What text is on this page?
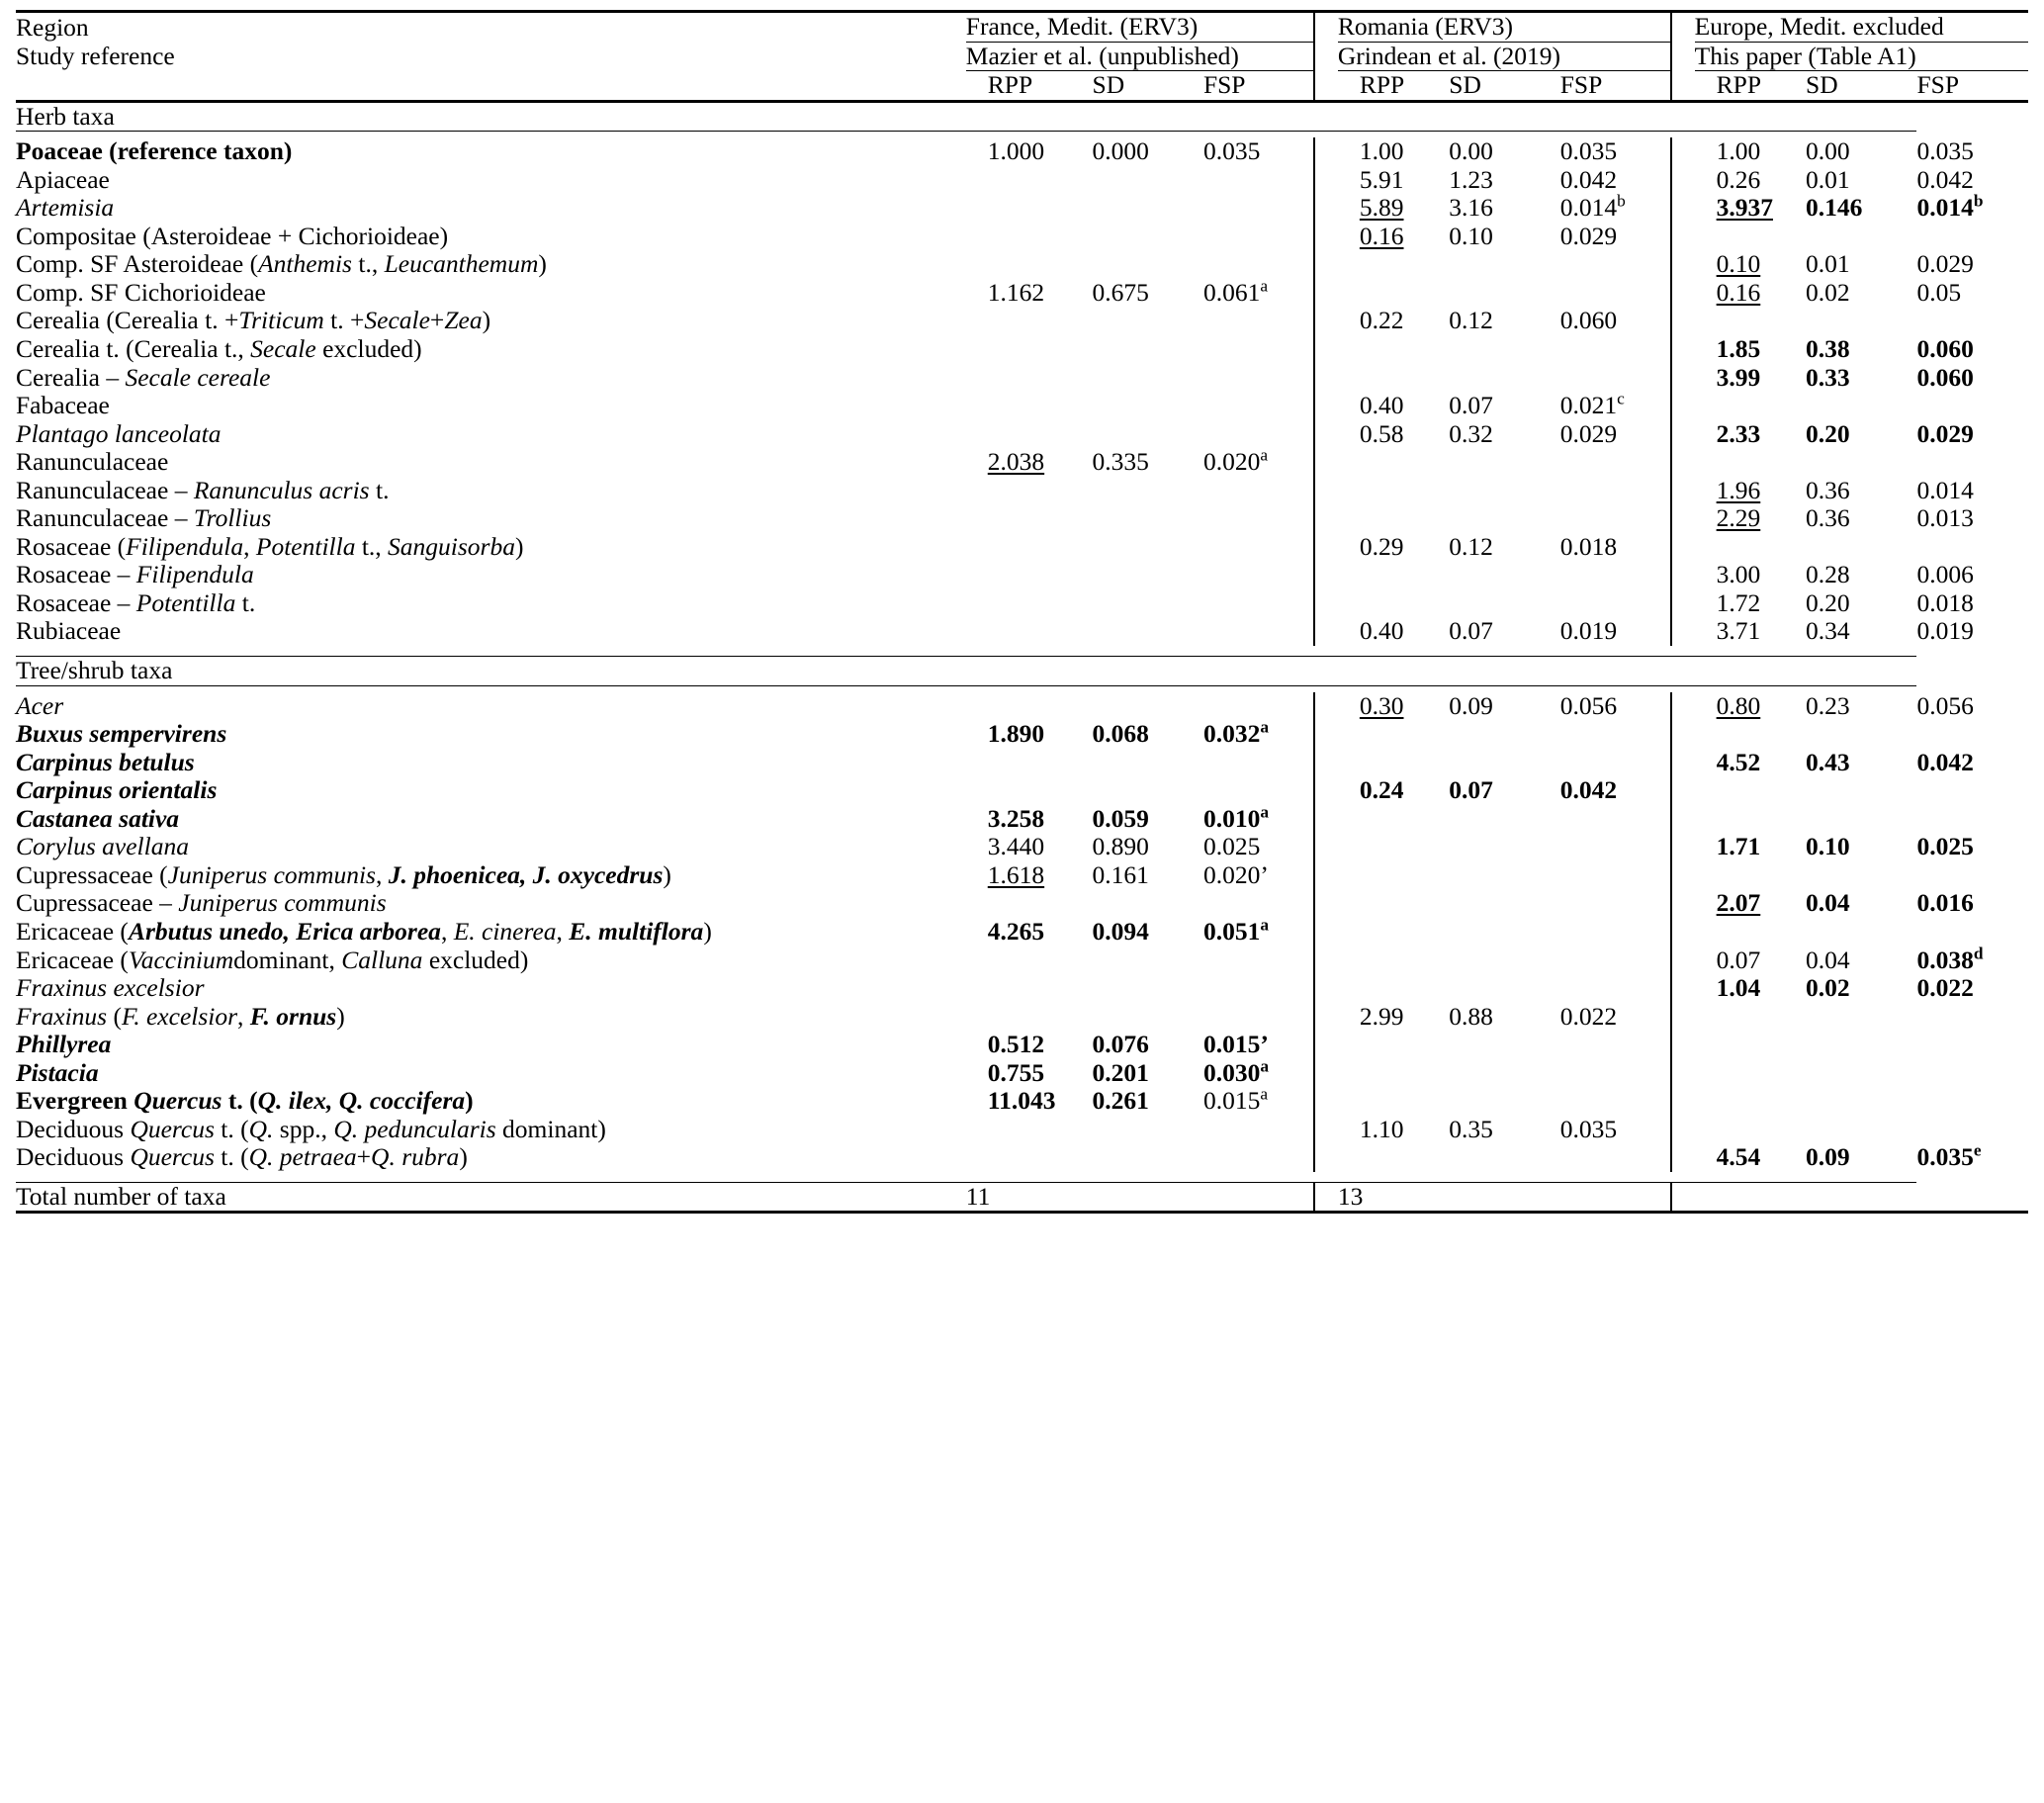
Region	France, Medit. (ERV3)				Romania (ERV3)				Europe, Medit. excluded		
Study reference	Mazier et al. (unpublished)				Grindean et al. (2019)				This paper (Table A1)		
	RPP	SD	FSP		RPP	SD	FSP		RPP	SD	FSP
Herb taxa											

Poaceae (reference taxon)	1.000	0.000	0.035		1.00	0.00	0.035		1.00	0.00	0.035
Apiaceae					5.91	1.23	0.042		0.26	0.01	0.042
Artemisia					5.89	3.16	0.014$^b$		3.937	0.146	0.014$^b$
Compositae (Asteroideae + Cichorioideae)					0.16	0.10	0.029				
Comp. SF Asteroideae (Anthemis t., Leucanthemum)									0.10	0.01	0.029
Comp. SF Cichorioideae	1.162	0.675	0.061$^a$						0.16	0.02	0.05
Cerealia (Cerealia t. +Triticum t. +Secale+Zea)					0.22	0.12	0.060				
Cerealia t. (Cerealia t., Secale excluded)									1.85	0.38	0.060
Cerealia – Secale cereale									3.99	0.33	0.060
Fabaceae					0.40	0.07	0.021$^c$				
Plantago lanceolata					0.58	0.32	0.029		2.33	0.20	0.029
Ranunculaceae	2.038	0.335	0.020$^a$								
Ranunculaceae – Ranunculus acris t.									1.96	0.36	0.014
Ranunculaceae – Trollius									2.29	0.36	0.013
Rosaceae (Filipendula, Potentilla t., Sanguisorba)					0.29	0.12	0.018				
Rosaceae – Filipendula									3.00	0.28	0.006
Rosaceae – Potentilla t.									1.72	0.20	0.018
Rubiaceae					0.40	0.07	0.019		3.71	0.34	0.019

Tree/shrub taxa											

Acer					0.30	0.09	0.056		0.80	0.23	0.056
Buxus sempervirens	1.890	0.068	0.032$^a$								
Carpinus betulus									4.52	0.43	0.042
Carpinus orientalis					0.24	0.07	0.042				
Castanea sativa	3.258	0.059	0.010$^a$								
Corylus avellana	3.440	0.890	0.025						1.71	0.10	0.025
Cupressaceae (Juniperus communis, J. phoenicea, J. oxycedrus)	1.618	0.161	0.020’								
Cupressaceae – Juniperus communis									2.07	0.04	0.016
Ericaceae (Arbutus unedo, Erica arborea, E. cinerea, E. multiflora)	4.265	0.094	0.051$^a$								
Ericaceae (Vacciniumdominant, Calluna excluded)									0.07	0.04	0.038$^d$
Fraxinus excelsior									1.04	0.02	0.022
Fraxinus (F. excelsior, F. ornus)					2.99	0.88	0.022				
Phillyrea	0.512	0.076	0.015’								
Pistacia	0.755	0.201	0.030$^a$								
Evergreen Quercus t. (Q. ilex, Q. coccifera)	11.043	0.261	0.015$^a$								
Deciduous Quercus t. (Q. spp., Q. peduncularis dominant)					1.10	0.35	0.035				
Deciduous Quercus t. (Q. petraea+Q. rubra)									4.54	0.09	0.035e

Total number of taxa	11				13						
